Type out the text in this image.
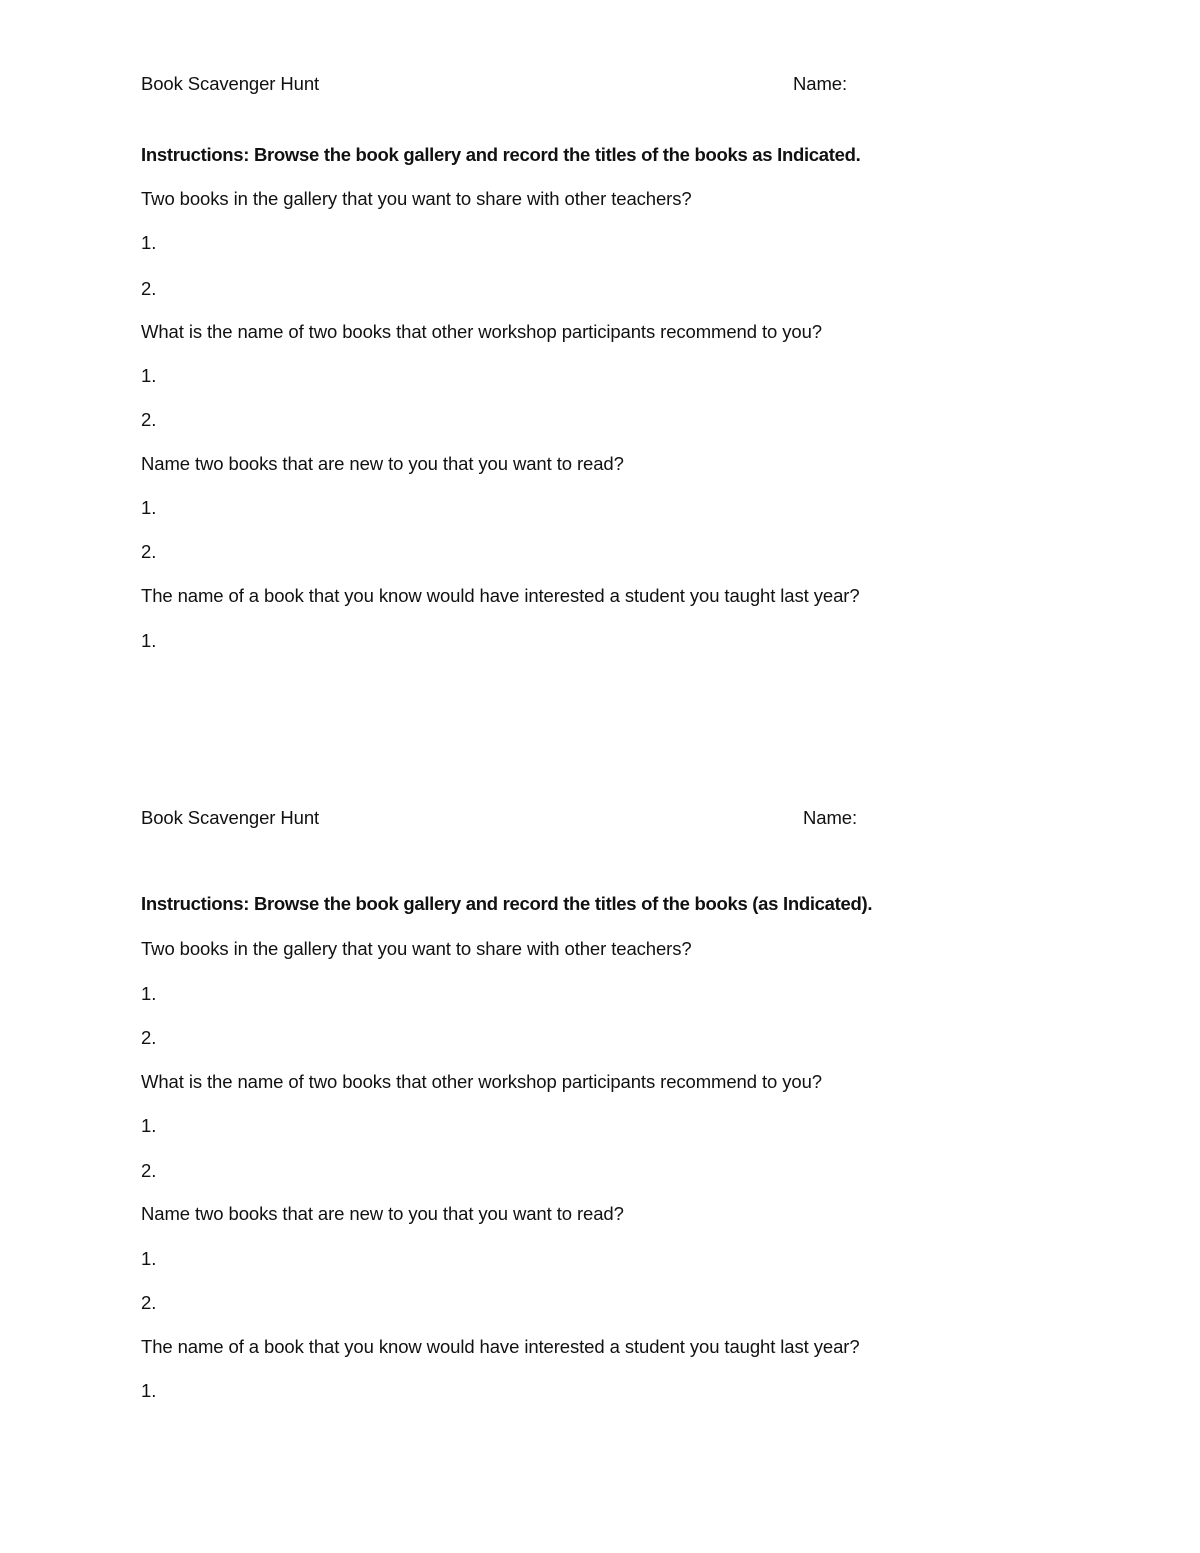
Book Scavenger Hunt	Name:
Instructions: Browse the book gallery and record the titles of the books as Indicated.
Two books in the gallery that you want to share with other teachers?
1.
2.
What is the name of two books that other workshop participants recommend to you?
1.
2.
Name two books that are new to you that you want to read?
1.
2.
The name of a book that you know would have interested a student you taught last year?
1.
Book Scavenger Hunt	Name:
Instructions: Browse the book gallery and record the titles of the books (as Indicated).
Two books in the gallery that you want to share with other teachers?
1.
2.
What is the name of two books that other workshop participants recommend to you?
1.
2.
Name two books that are new to you that you want to read?
1.
2.
The name of a book that you know would have interested a student you taught last year?
1.
